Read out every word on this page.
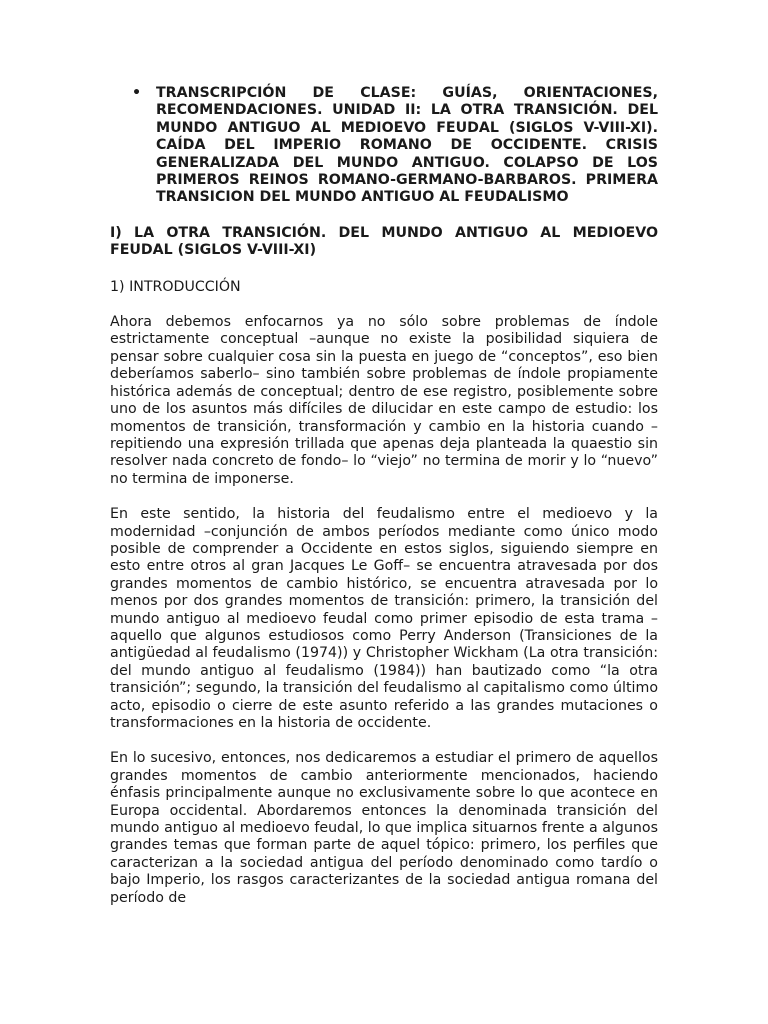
• TRANSCRIPCIÓN DE CLASE: GUÍAS, ORIENTACIONES, RECOMENDACIONES. UNIDAD II: LA OTRA TRANSICIÓN. DEL MUNDO ANTIGUO AL MEDIOEVO FEUDAL (SIGLOS V-VIII-XI). CAÍDA DEL IMPERIO ROMANO DE OCCIDENTE. CRISIS GENERALIZADA DEL MUNDO ANTIGUO. COLAPSO DE LOS PRIMEROS REINOS ROMANO-GERMANO-BARBAROS. PRIMERA TRANSICION DEL MUNDO ANTIGUO AL FEUDALISMO
I) LA OTRA TRANSICIÓN. DEL MUNDO ANTIGUO AL MEDIOEVO FEUDAL (SIGLOS V-VIII-XI)
1) INTRODUCCIÓN

Ahora debemos enfocarnos ya no sólo sobre problemas de índole estrictamente conceptual –aunque no existe la posibilidad siquiera de pensar sobre cualquier cosa sin la puesta en juego de “conceptos”, eso bien deberíamos saberlo– sino también sobre problemas de índole propiamente histórica además de conceptual; dentro de ese registro, posiblemente sobre uno de los asuntos más difíciles de dilucidar en este campo de estudio: los momentos de transición, transformación y cambio en la historia cuando –repitiendo una expresión trillada que apenas deja planteada la quaestio sin resolver nada concreto de fondo– lo “viejo” no termina de morir y lo “nuevo” no termina de imponerse.

En este sentido, la historia del feudalismo entre el medioevo y la modernidad –conjunción de ambos períodos mediante como único modo posible de comprender a Occidente en estos siglos, siguiendo siempre en esto entre otros al gran Jacques Le Goff– se encuentra atravesada por dos grandes momentos de cambio histórico, se encuentra atravesada por lo menos por dos grandes momentos de transición: primero, la transición del mundo antiguo al medioevo feudal como primer episodio de esta trama –aquello que algunos estudiosos como Perry Anderson (Transiciones de la antigüedad al feudalismo (1974)) y Christopher Wickham (La otra transición: del mundo antiguo al feudalismo (1984)) han bautizado como “la otra transición”; segundo, la transición del feudalismo al capitalismo como último acto, episodio o cierre de este asunto referido a las grandes mutaciones o transformaciones en la historia de occidente.

En lo sucesivo, entonces, nos dedicaremos a estudiar el primero de aquellos grandes momentos de cambio anteriormente mencionados, haciendo énfasis principalmente aunque no exclusivamente sobre lo que acontece en Europa occidental. Abordaremos entonces la denominada transición del mundo antiguo al medioevo feudal, lo que implica situarnos frente a algunos grandes temas que forman parte de aquel tópico: primero, los perfiles que caracterizan a la sociedad antigua del período denominado como tardío o bajo Imperio, los rasgos caracterizantes de la sociedad antigua romana del período de
